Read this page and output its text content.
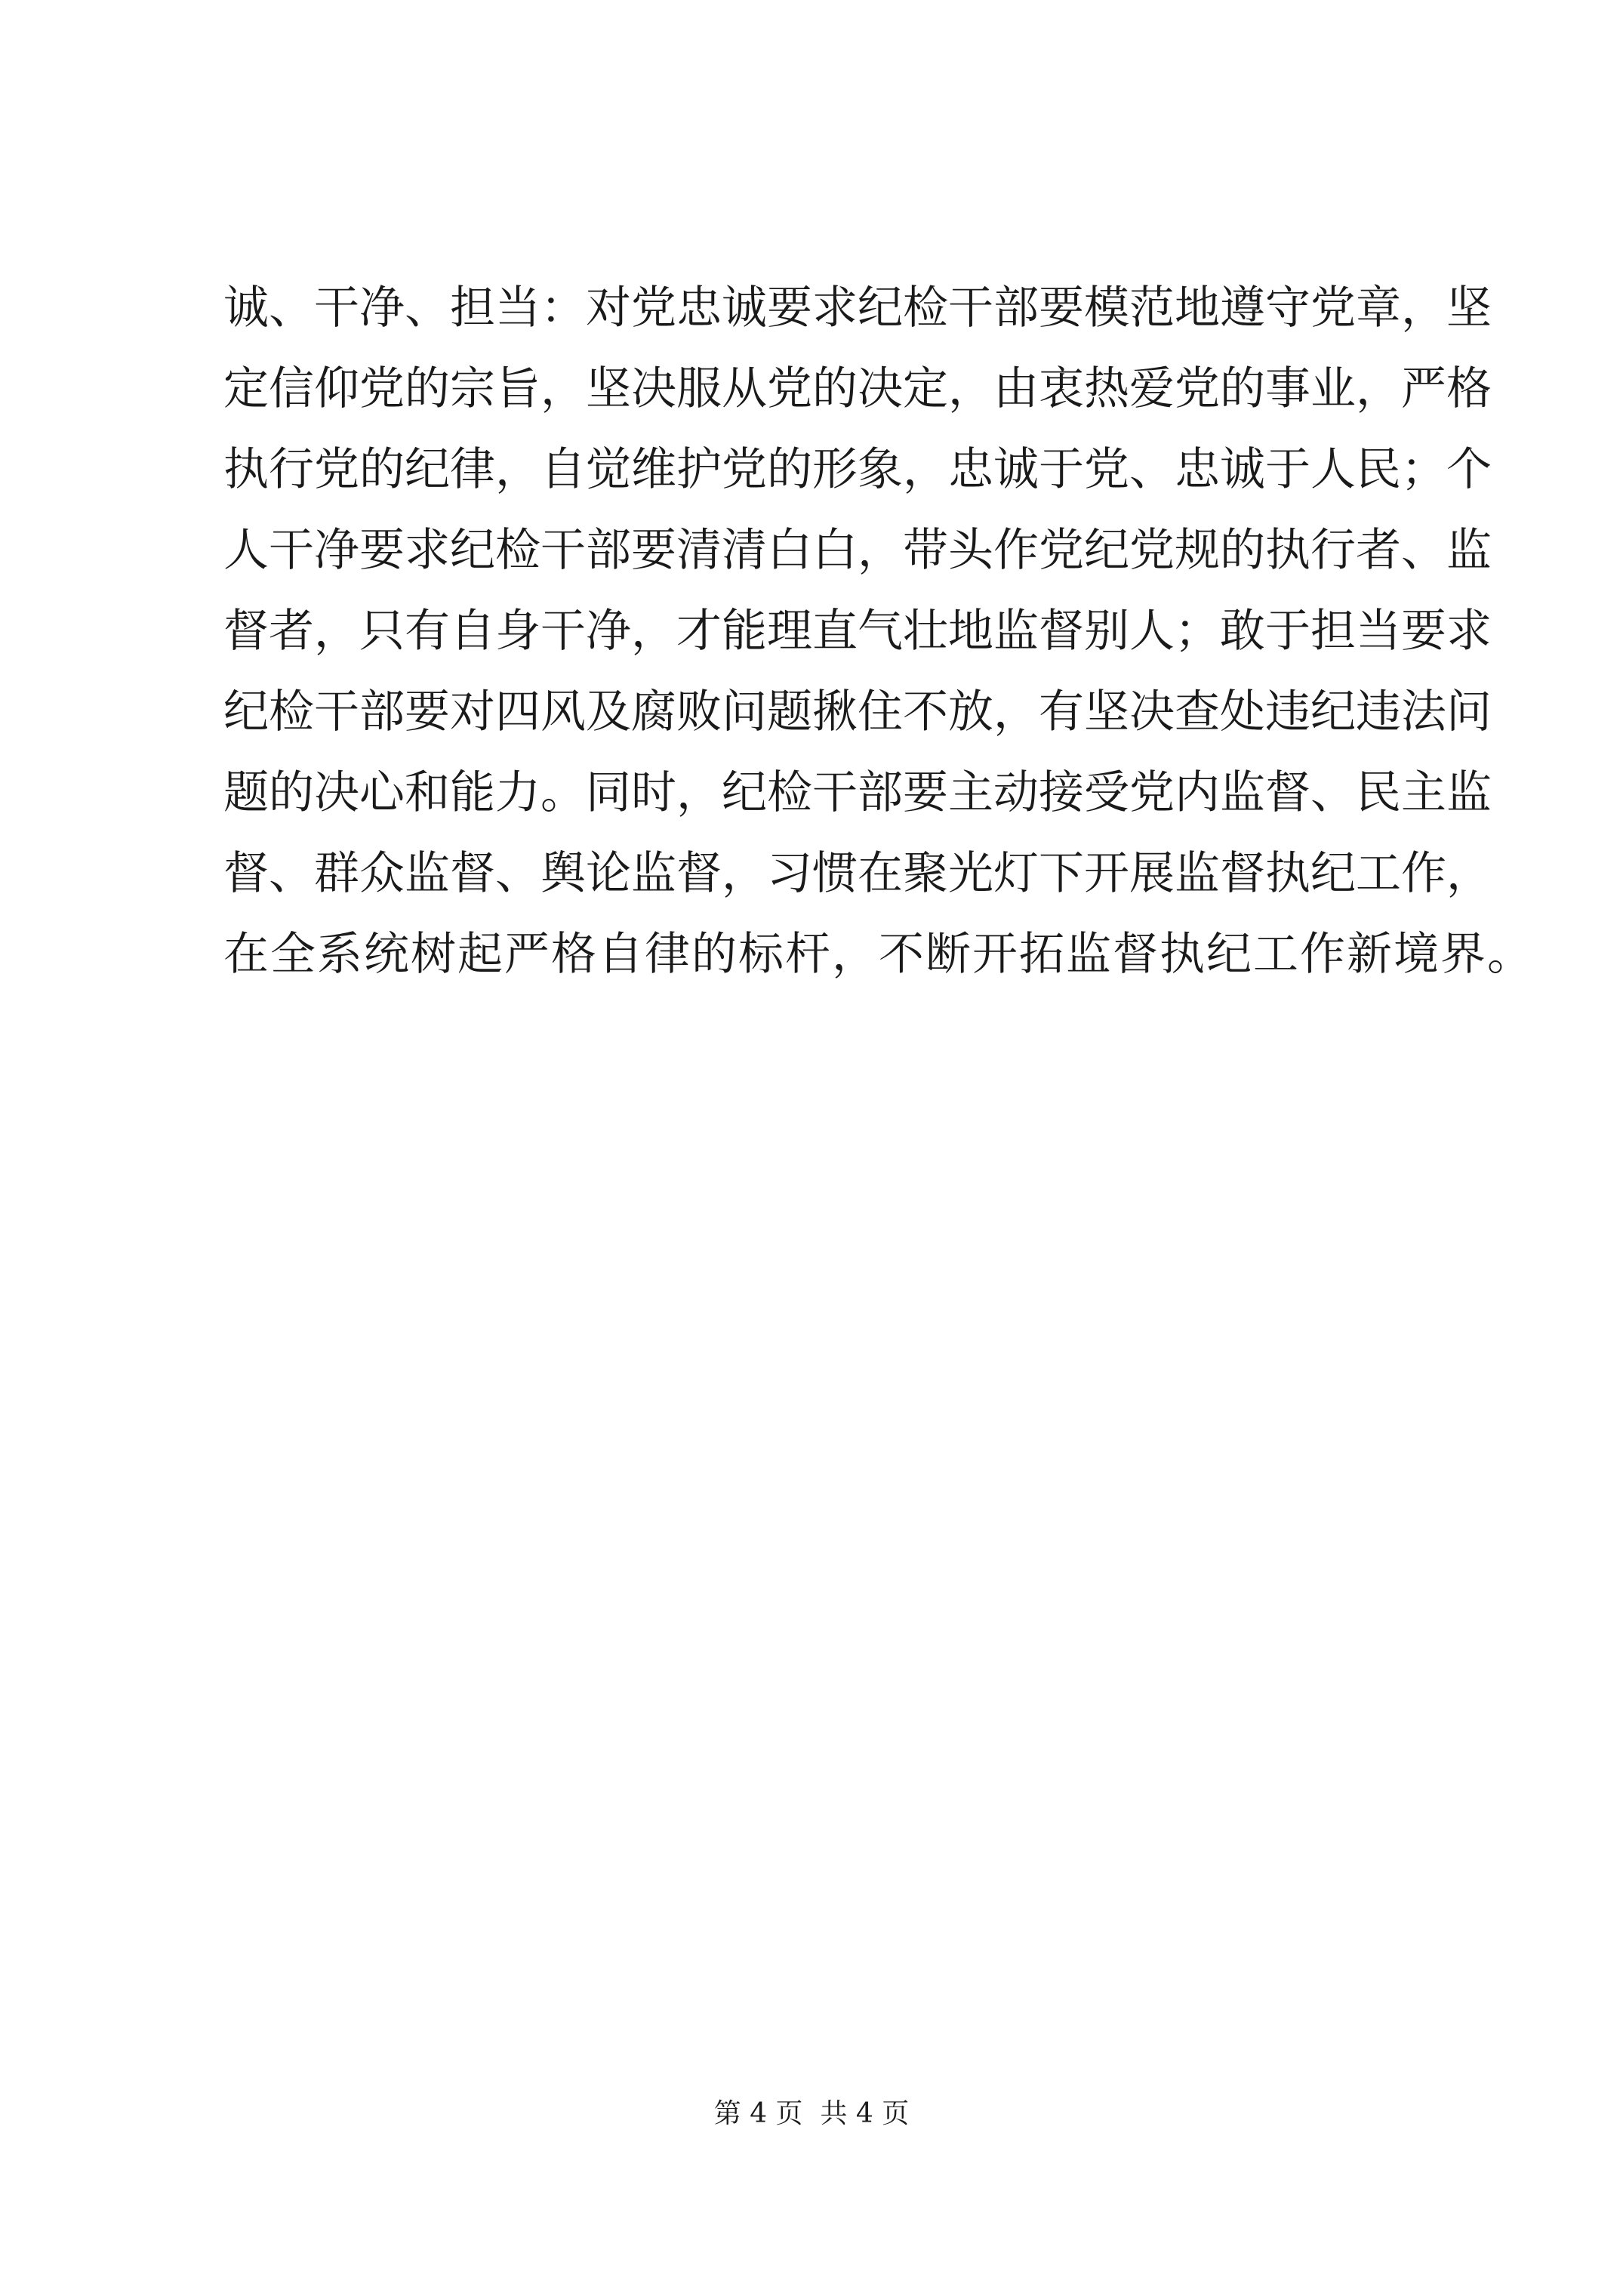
诚、干净、担当：对党忠诚要求纪检干部要模范地遵守党章，坚
定信仰党的宗旨，坚决服从党的决定，由衷热爱党的事业，严格
执行党的纪律，自觉维护党的形象，忠诚于党、忠诚于人民；个
人干净要求纪检干部要清清白白，带头作党纪党规的执行者、监
督者，只有自身干净，才能理直气壮地监督别人；敢于担当要求
纪检干部要对四风及腐败问题揪住不放，有坚决查处违纪违法问
题的决心和能力。同时，纪检干部要主动接受党内监督、民主监
督、群众监督、舆论监督，习惯在聚光灯下开展监督执纪工作，
在全系统树起严格自律的标杆，不断开拓监督执纪工作新境界。
第 4 页 共 4 页
